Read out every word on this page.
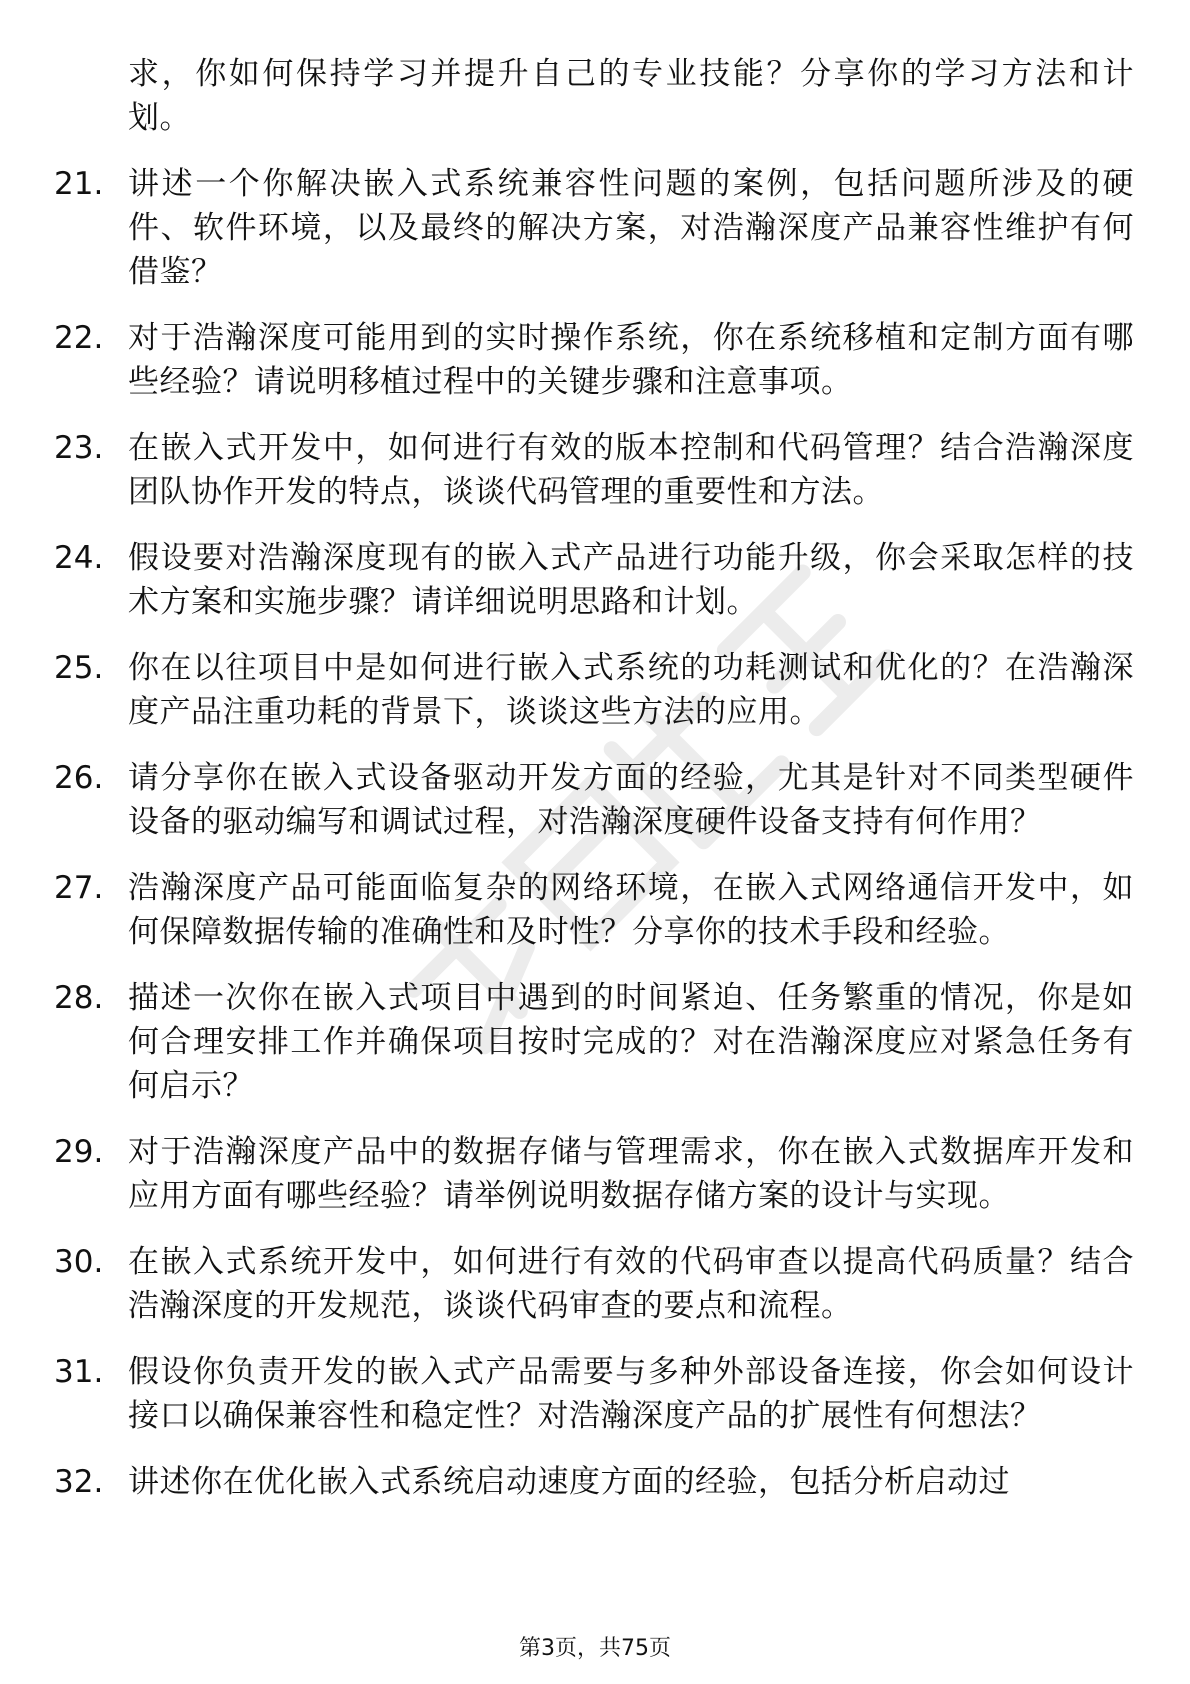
求，你如何保持学习并提升自己的专业技能？分享你的学习方法和计划。
21. 讲述一个你解决嵌入式系统兼容性问题的案例，包括问题所涉及的硬件、软件环境，以及最终的解决方案，对浩瀚深度产品兼容性维护有何借鉴？
22. 对于浩瀚深度可能用到的实时操作系统，你在系统移植和定制方面有哪些经验？请说明移植过程中的关键步骤和注意事项。
23. 在嵌入式开发中，如何进行有效的版本控制和代码管理？结合浩瀚深度团队协作开发的特点，谈谈代码管理的重要性和方法。
24. 假设要对浩瀚深度现有的嵌入式产品进行功能升级，你会采取怎样的技术方案和实施步骤？请详细说明思路和计划。
25. 你在以往项目中是如何进行嵌入式系统的功耗测试和优化的？在浩瀚深度产品注重功耗的背景下，谈谈这些方法的应用。
26. 请分享你在嵌入式设备驱动开发方面的经验，尤其是针对不同类型硬件设备的驱动编写和调试过程，对浩瀚深度硬件设备支持有何作用？
27. 浩瀚深度产品可能面临复杂的网络环境，在嵌入式网络通信开发中，如何保障数据传输的准确性和及时性？分享你的技术手段和经验。
28. 描述一次你在嵌入式项目中遇到的时间紧迫、任务繁重的情况，你是如何合理安排工作并确保项目按时完成的？对在浩瀚深度应对紧急任务有何启示？
29. 对于浩瀚深度产品中的数据存储与管理需求，你在嵌入式数据库开发和应用方面有哪些经验？请举例说明数据存储方案的设计与实现。
30. 在嵌入式系统开发中，如何进行有效的代码审查以提高代码质量？结合浩瀚深度的开发规范，谈谈代码审查的要点和流程。
31. 假设你负责开发的嵌入式产品需要与多种外部设备连接，你会如何设计接口以确保兼容性和稳定性？对浩瀚深度产品的扩展性有何想法？
32. 讲述你在优化嵌入式系统启动速度方面的经验，包括分析启动过
第3页，共75页
